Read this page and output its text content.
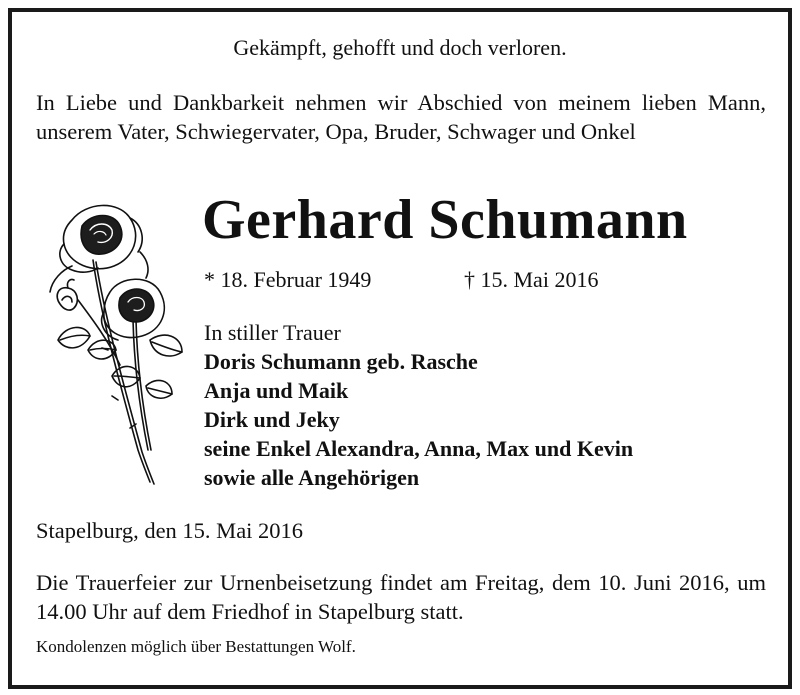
Gekämpft, gehofft und doch verloren.

In Liebe und Dankbarkeit nehmen wir Abschied von meinem lieben Mann, unserem Vater, Schwiegervater, Opa, Bruder, Schwager und Onkel

Gerhard Schumann
* 18. Februar 1949	† 15. Mai 2016
In stiller Trauer
Doris Schumann geb. Rasche
Anja und Maik
Dirk und Jeky
seine Enkel Alexandra, Anna, Max und Kevin
sowie alle Angehörigen
Stapelburg, den 15. Mai 2016

Die Trauerfeier zur Urnenbeisetzung findet am Freitag, dem 10. Juni 2016, um 14.00 Uhr auf dem Friedhof in Stapelburg statt.

Kondolenzen möglich über Bestattungen Wolf.
